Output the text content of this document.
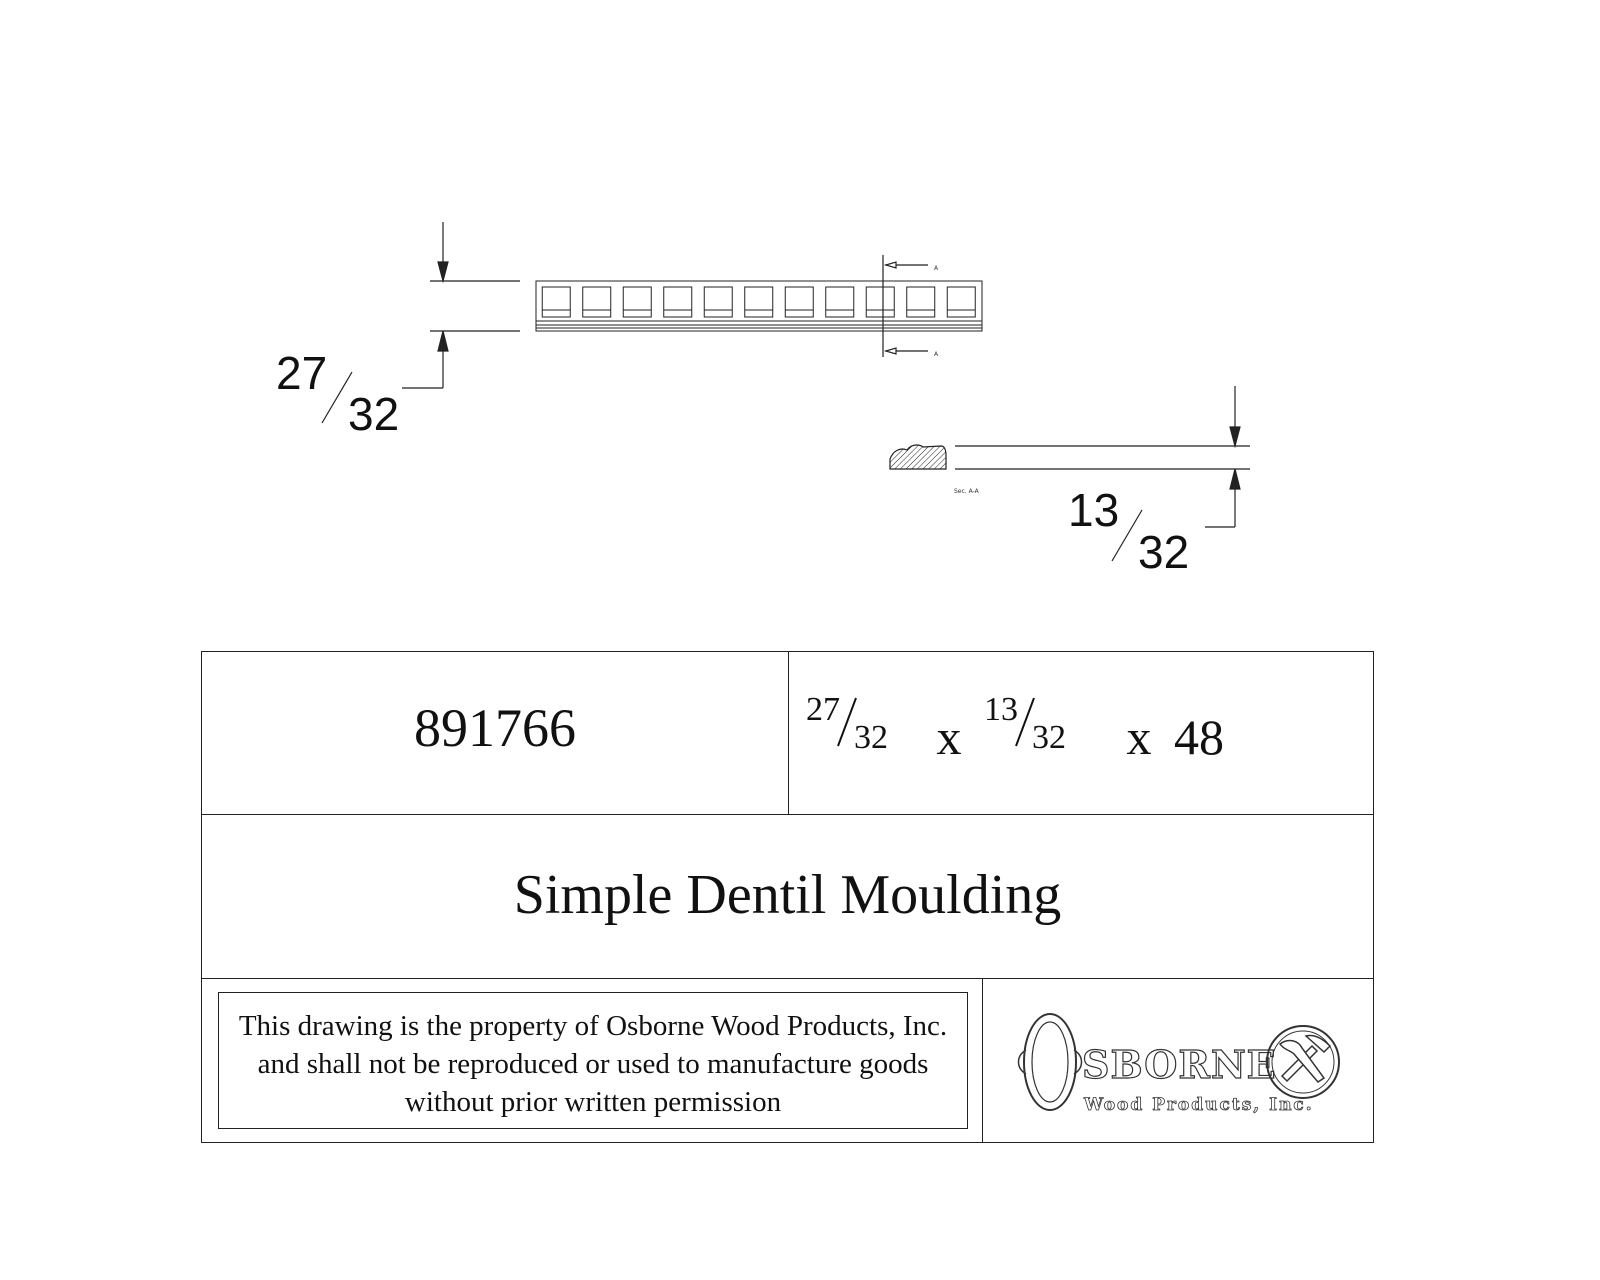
27
32
A
A
Sec. A-A 13
32
891766	27
32 x 13
32 x 48
Simple Dentil Moulding
This drawing is the property of Osborne Wood Products, Inc. and shall not be reproduced or used to manufacture goods without prior written permission
SBORNE
Wood Products, Inc.
